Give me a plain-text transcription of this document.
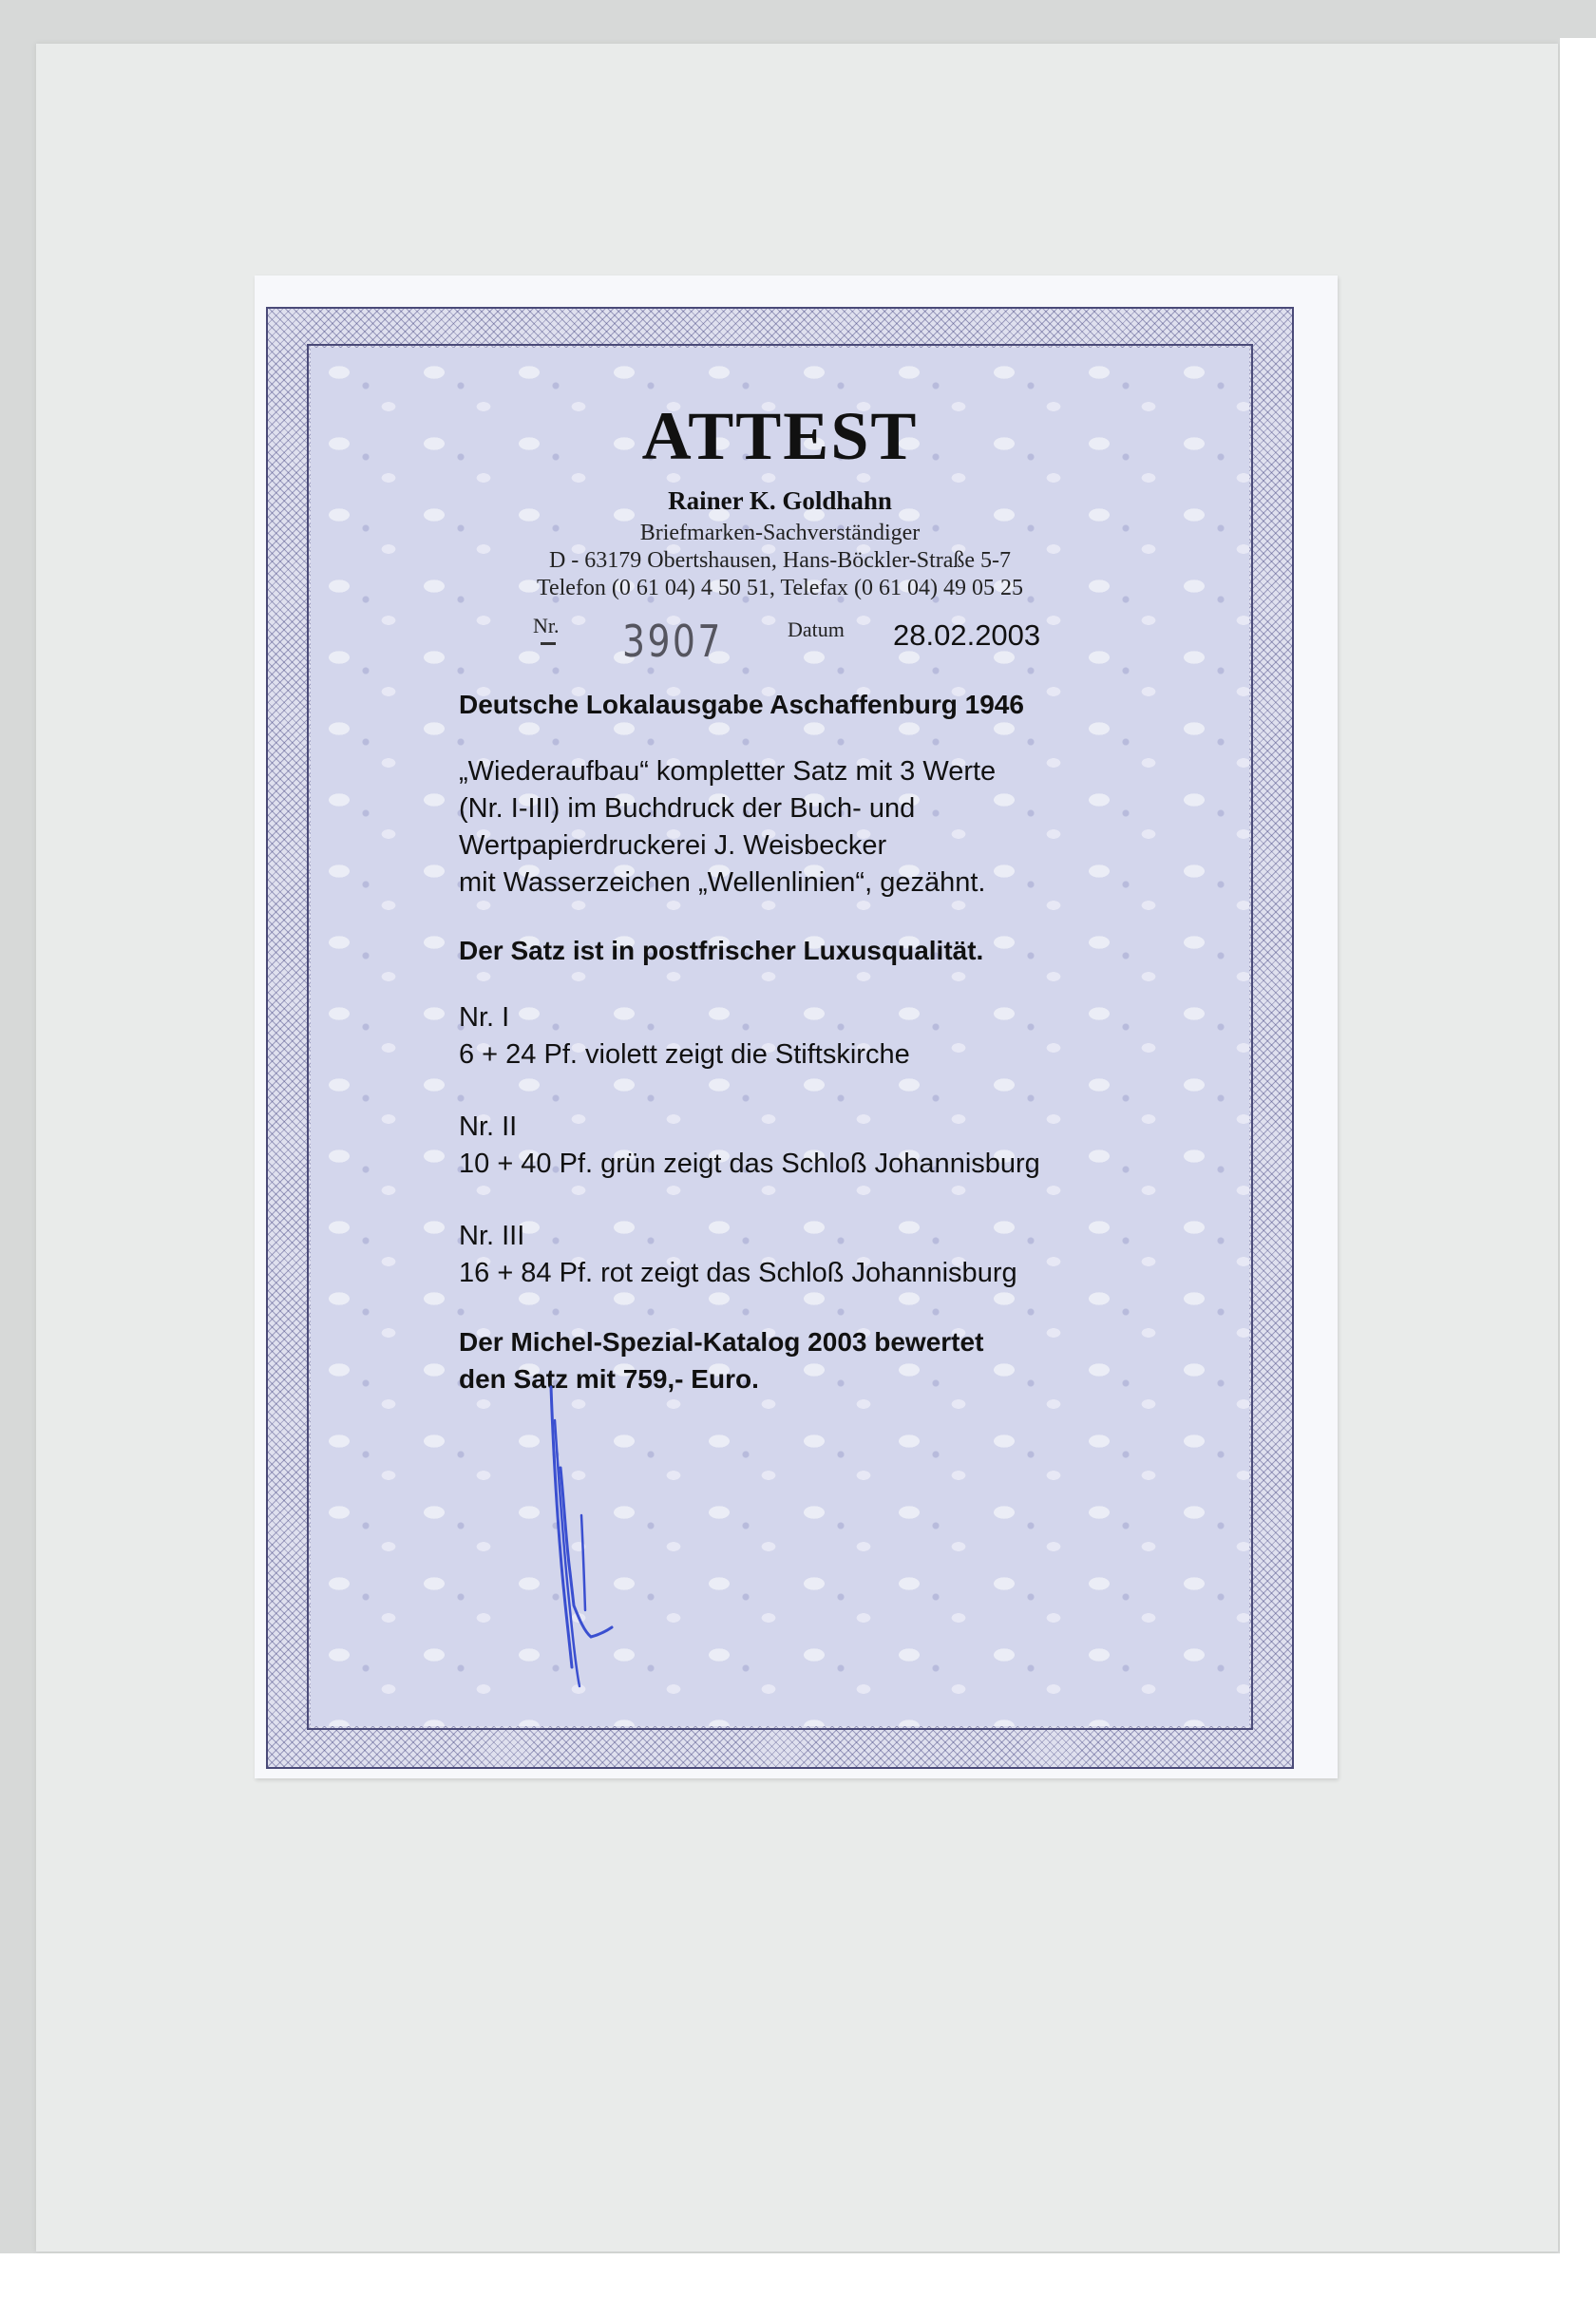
ATTEST
Rainer K. Goldhahn
Briefmarken-Sachverständiger
D - 63179 Obertshausen, Hans-Böckler-Straße 5-7
Telefon (0 61 04) 4 50 51, Telefax (0 61 04) 49 05 25
Nr. 3907	Datum 28.02.2003
Deutsche Lokalausgabe Aschaffenburg 1946
„Wiederaufbau“ kompletter Satz mit 3 Werte
(Nr. I-III) im Buchdruck der Buch- und
Wertpapierdruckerei J. Weisbecker
mit Wasserzeichen „Wellenlinien“, gezähnt.
Der Satz ist in postfrischer Luxusqualität.
Nr. I
6 + 24 Pf. violett zeigt die Stiftskirche
Nr. II
10 + 40 Pf. grün zeigt das Schloß Johannisburg
Nr. III
16 + 84 Pf. rot zeigt das Schloß Johannisburg
Der Michel-Spezial-Katalog 2003 bewertet
den Satz mit 759,- Euro.
